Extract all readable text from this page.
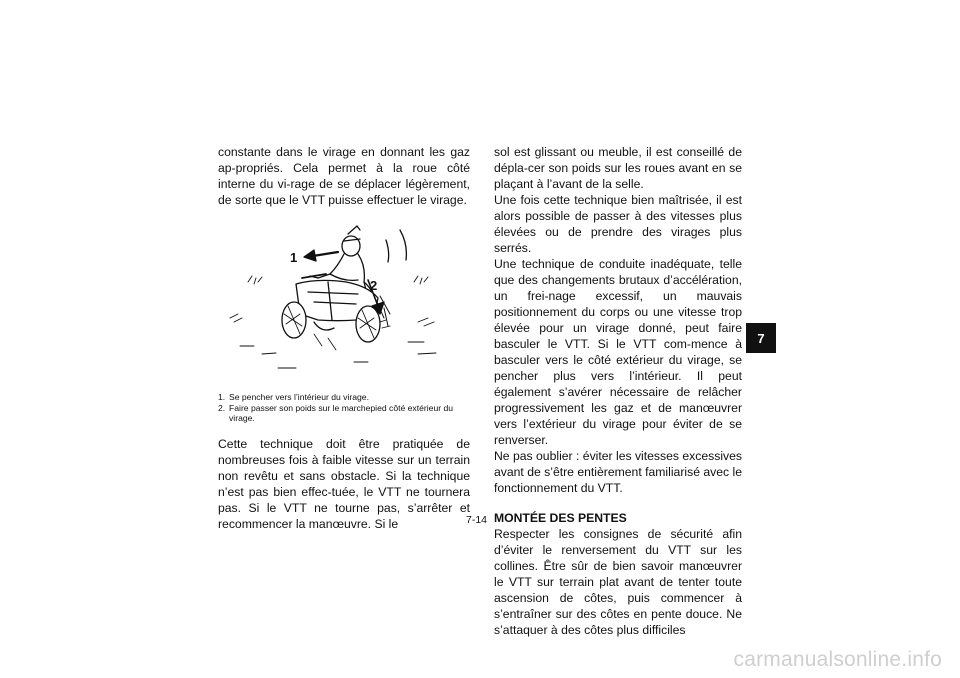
constante dans le virage en donnant les gaz ap-propriés. Cela permet à la roue côté interne du vi-rage de se déplacer légèrement, de sorte que le VTT puisse effectuer le virage.

1
2
1. Se pencher vers l’intérieur du virage.
2. Faire passer son poids sur le marchepied côté extérieur du virage.

Cette technique doit être pratiquée de nombreuses fois à faible vitesse sur un terrain non revêtu et sans obstacle. Si la technique n’est pas bien effec-tuée, le VTT ne tournera pas. Si le VTT ne tourne pas, s’arrêter et recommencer la manœuvre. Si le

sol est glissant ou meuble, il est conseillé de dépla-cer son poids sur les roues avant en se plaçant à l’avant de la selle.

Une fois cette technique bien maîtrisée, il est alors possible de passer à des vitesses plus élevées ou de prendre des virages plus serrés.

Une technique de conduite inadéquate, telle que des changements brutaux d’accélération, un frei-nage excessif, un mauvais positionnement du corps ou une vitesse trop élevée pour un virage donné, peut faire basculer le VTT. Si le VTT com-mence à basculer vers le côté extérieur du virage, se pencher plus vers l’intérieur. Il peut également s’avérer nécessaire de relâcher progressivement les gaz et de manœuvrer vers l’extérieur du virage pour éviter de se renverser.

Ne pas oublier : éviter les vitesses excessives avant de s’être entièrement familiarisé avec le fonctionnement du VTT.

MONTÉE DES PENTES

Respecter les consignes de sécurité afin d’éviter le renversement du VTT sur les collines. Être sûr de bien savoir manœuvrer le VTT sur terrain plat avant de tenter toute ascension de côtes, puis commencer à s’entraîner sur des côtes en pente douce. Ne s’attaquer à des côtes plus difficiles

7
7-14
carmanualsonline.info
